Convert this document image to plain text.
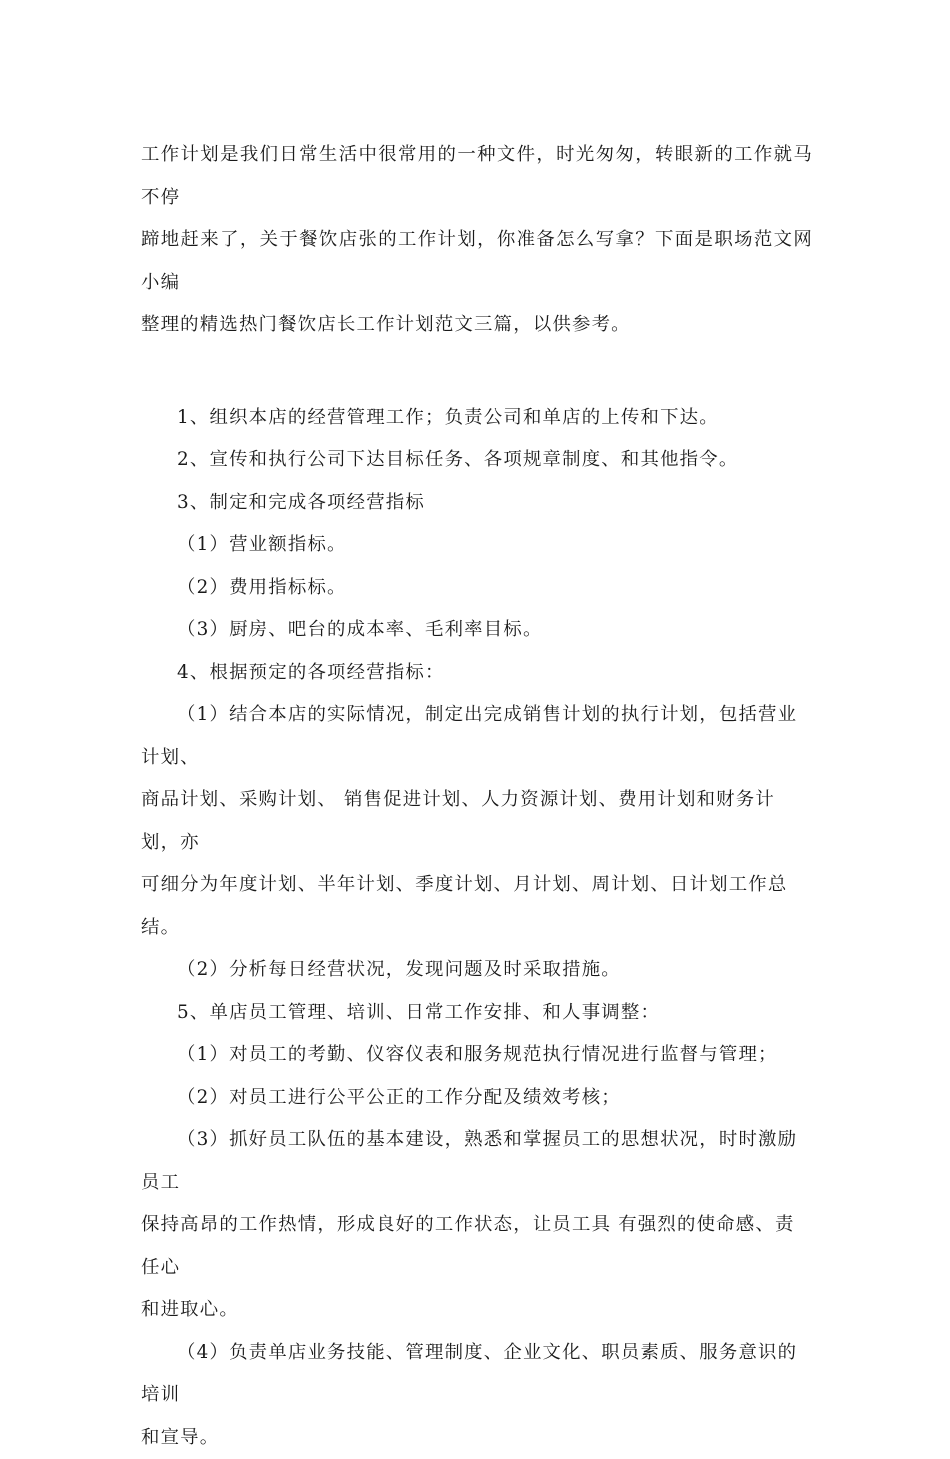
工作计划是我们日常生活中很常用的一种文件，时光匆匆，转眼新的工作就马不停
蹄地赶来了，关于餐饮店张的工作计划，你准备怎么写拿？下面是职场范文网小编
整理的精选热门餐饮店长工作计划范文三篇，以供参考。
1、组织本店的经营管理工作；负责公司和单店的上传和下达。
2、宣传和执行公司下达目标任务、各项规章制度、和其他指令。
3、制定和完成各项经营指标
（1）营业额指标。
（2）费用指标标。
（3）厨房、吧台的成本率、毛利率目标。
4、根据预定的各项经营指标：
（1）结合本店的实际情况，制定出完成销售计划的执行计划，包括营业计划、
商品计划、采购计划、 销售促进计划、人力资源计划、费用计划和财务计划，亦
可细分为年度计划、半年计划、季度计划、月计划、周计划、日计划工作总结。
（2）分析每日经营状况，发现问题及时采取措施。
5、单店员工管理、培训、日常工作安排、和人事调整：
（1）对员工的考勤、仪容仪表和服务规范执行情况进行监督与管理；
（2）对员工进行公平公正的工作分配及绩效考核；
（3）抓好员工队伍的基本建设，熟悉和掌握员工的思想状况，时时激励员工
保持高昂的工作热情，形成良好的工作状态，让员工具 有强烈的使命感、责任心
和进取心。
（4）负责单店业务技能、管理制度、企业文化、职员素质、服务意识的培训
和宣导。
